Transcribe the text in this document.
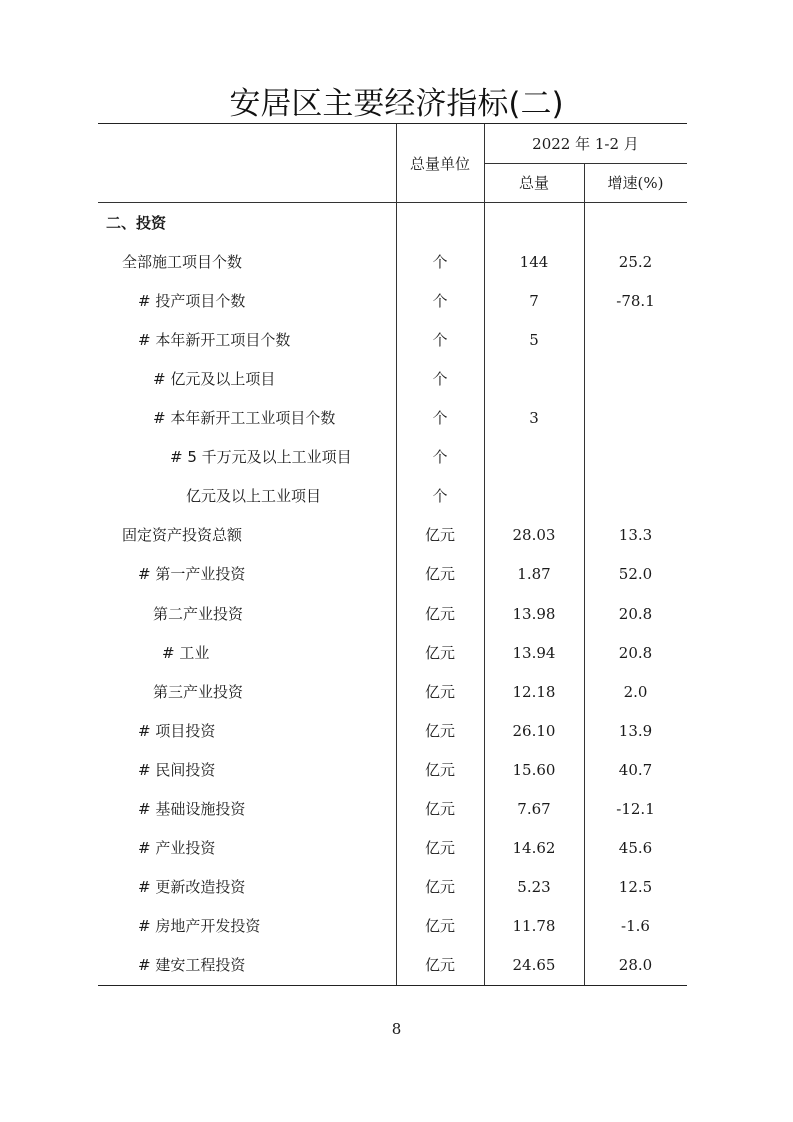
安居区主要经济指标(二)
总量单位
2022 年 1-2 月
总量	增速(%)
二、投资
全部施工项目个数	个	144	25.2
# 投产项目个数	个	7	-78.1
# 本年新开工项目个数	个	5
# 亿元及以上项目	个
# 本年新开工工业项目个数	个	3
# 5 千万元及以上工业项目	个
亿元及以上工业项目	个
固定资产投资总额	亿元	28.03	13.3
# 第一产业投资	亿元	1.87	52.0
第二产业投资	亿元	13.98	20.8
# 工业	亿元	13.94	20.8
第三产业投资	亿元	12.18	2.0
# 项目投资	亿元	26.10	13.9
# 民间投资	亿元	15.60	40.7
# 基础设施投资	亿元	7.67	-12.1
# 产业投资	亿元	14.62	45.6
# 更新改造投资	亿元	5.23	12.5
# 房地产开发投资	亿元	11.78	-1.6
# 建安工程投资	亿元	24.65	28.0
8
